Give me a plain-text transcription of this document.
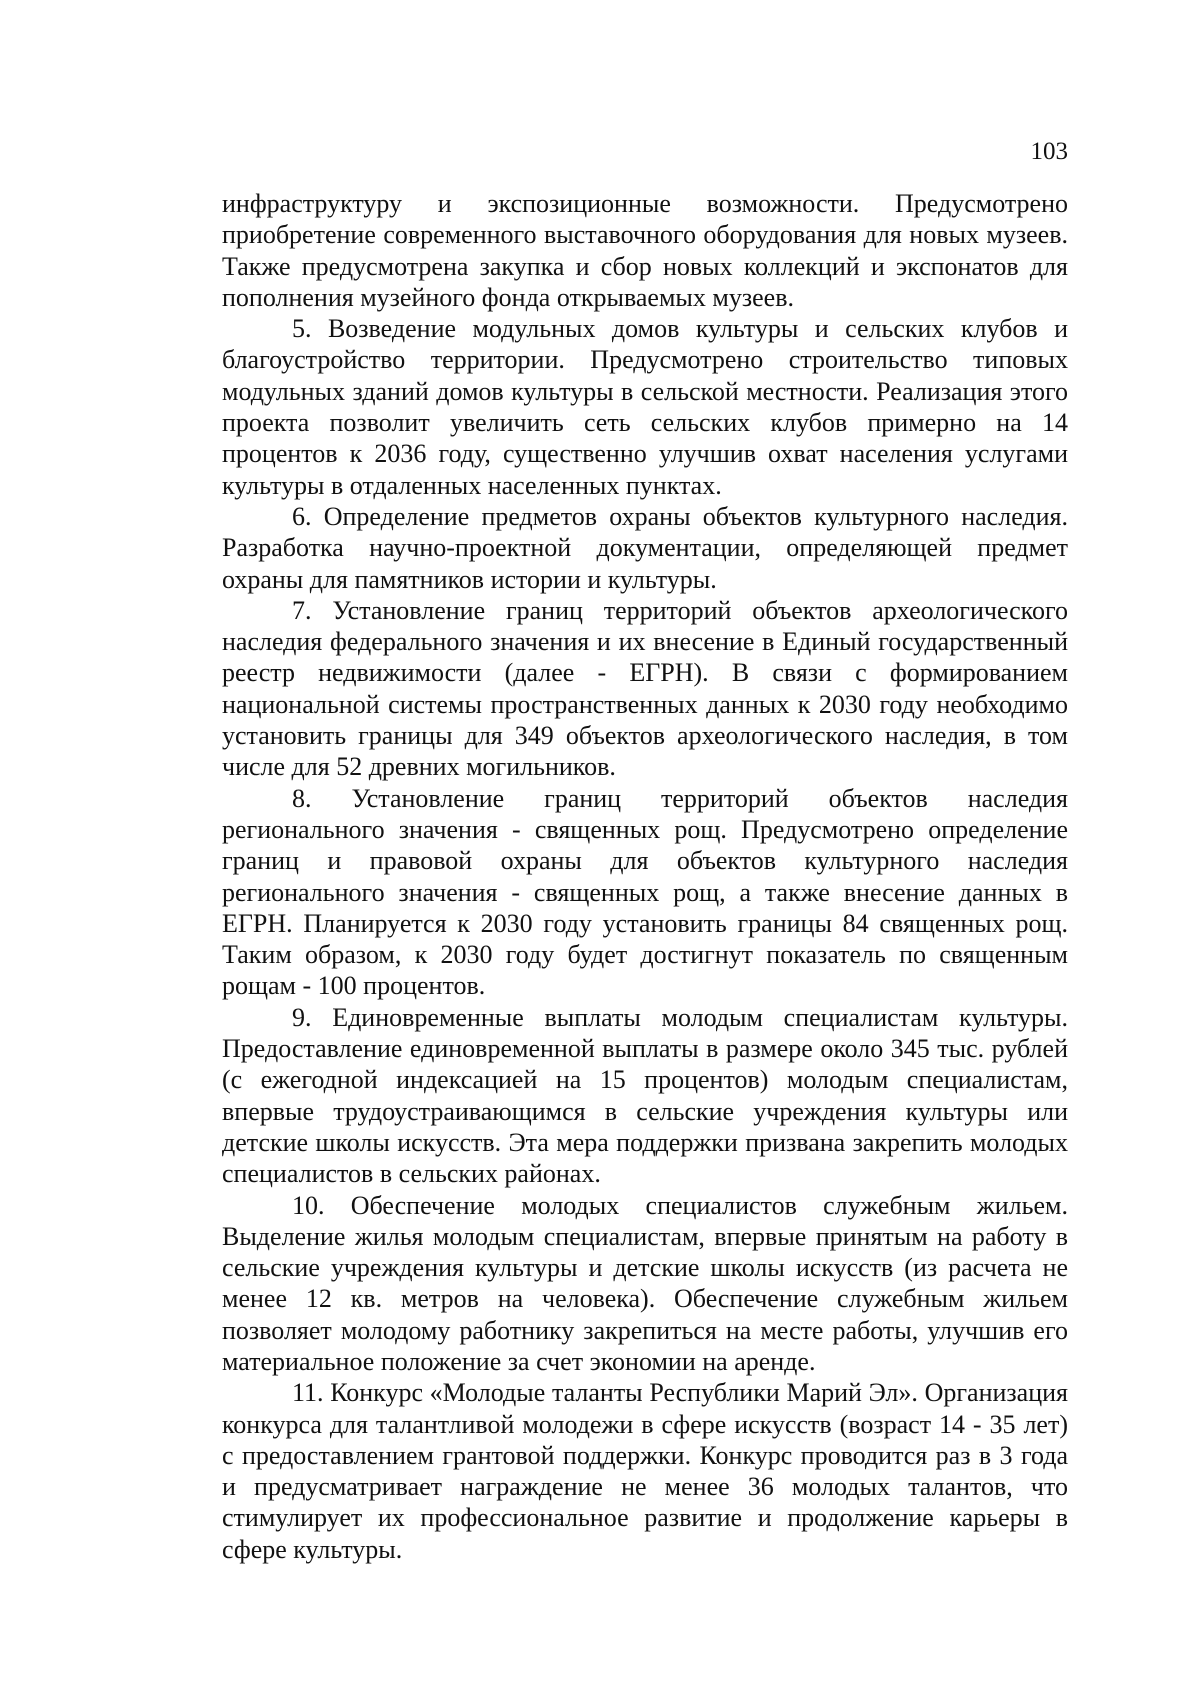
103

инфраструктуру и экспозиционные возможности. Предусмотрено приобретение современного выставочного оборудования для новых музеев. Также предусмотрена закупка и сбор новых коллекций и экспонатов для пополнения музейного фонда открываемых музеев.

5. Возведение модульных домов культуры и сельских клубов и благоустройство территории. Предусмотрено строительство типовых модульных зданий домов культуры в сельской местности. Реализация этого проекта позволит увеличить сеть сельских клубов примерно на 14 процентов к 2036 году, существенно улучшив охват населения услугами культуры в отдаленных населенных пунктах.

6. Определение предметов охраны объектов культурного наследия. Разработка научно-проектной документации, определяющей предмет охраны для памятников истории и культуры.

7. Установление границ территорий объектов археологического наследия федерального значения и их внесение в Единый государственный реестр недвижимости (далее - ЕГРН). В связи с формированием национальной системы пространственных данных к 2030 году необходимо установить границы для 349 объектов археологического наследия, в том числе для 52 древних могильников.

8. Установление границ территорий объектов наследия регионального значения - священных рощ. Предусмотрено определение границ и правовой охраны для объектов культурного наследия регионального значения - священных рощ, а также внесение данных в ЕГРН. Планируется к 2030 году установить границы 84 священных рощ. Таким образом, к 2030 году будет достигнут показатель по священным рощам - 100 процентов.

9. Единовременные выплаты молодым специалистам культуры. Предоставление единовременной выплаты в размере около 345 тыс. рублей (с ежегодной индексацией на 15 процентов) молодым специалистам, впервые трудоустраивающимся в сельские учреждения культуры или детские школы искусств. Эта мера поддержки призвана закрепить молодых специалистов в сельских районах.

10. Обеспечение молодых специалистов служебным жильем. Выделение жилья молодым специалистам, впервые принятым на работу в сельские учреждения культуры и детские школы искусств (из расчета не менее 12 кв. метров на человека). Обеспечение служебным жильем позволяет молодому работнику закрепиться на месте работы, улучшив его материальное положение за счет экономии на аренде.

11. Конкурс «Молодые таланты Республики Марий Эл». Организация конкурса для талантливой молодежи в сфере искусств (возраст 14 - 35 лет) с предоставлением грантовой поддержки. Конкурс проводится раз в 3 года и предусматривает награждение не менее 36 молодых талантов, что стимулирует их профессиональное развитие и продолжение карьеры в сфере культуры.
